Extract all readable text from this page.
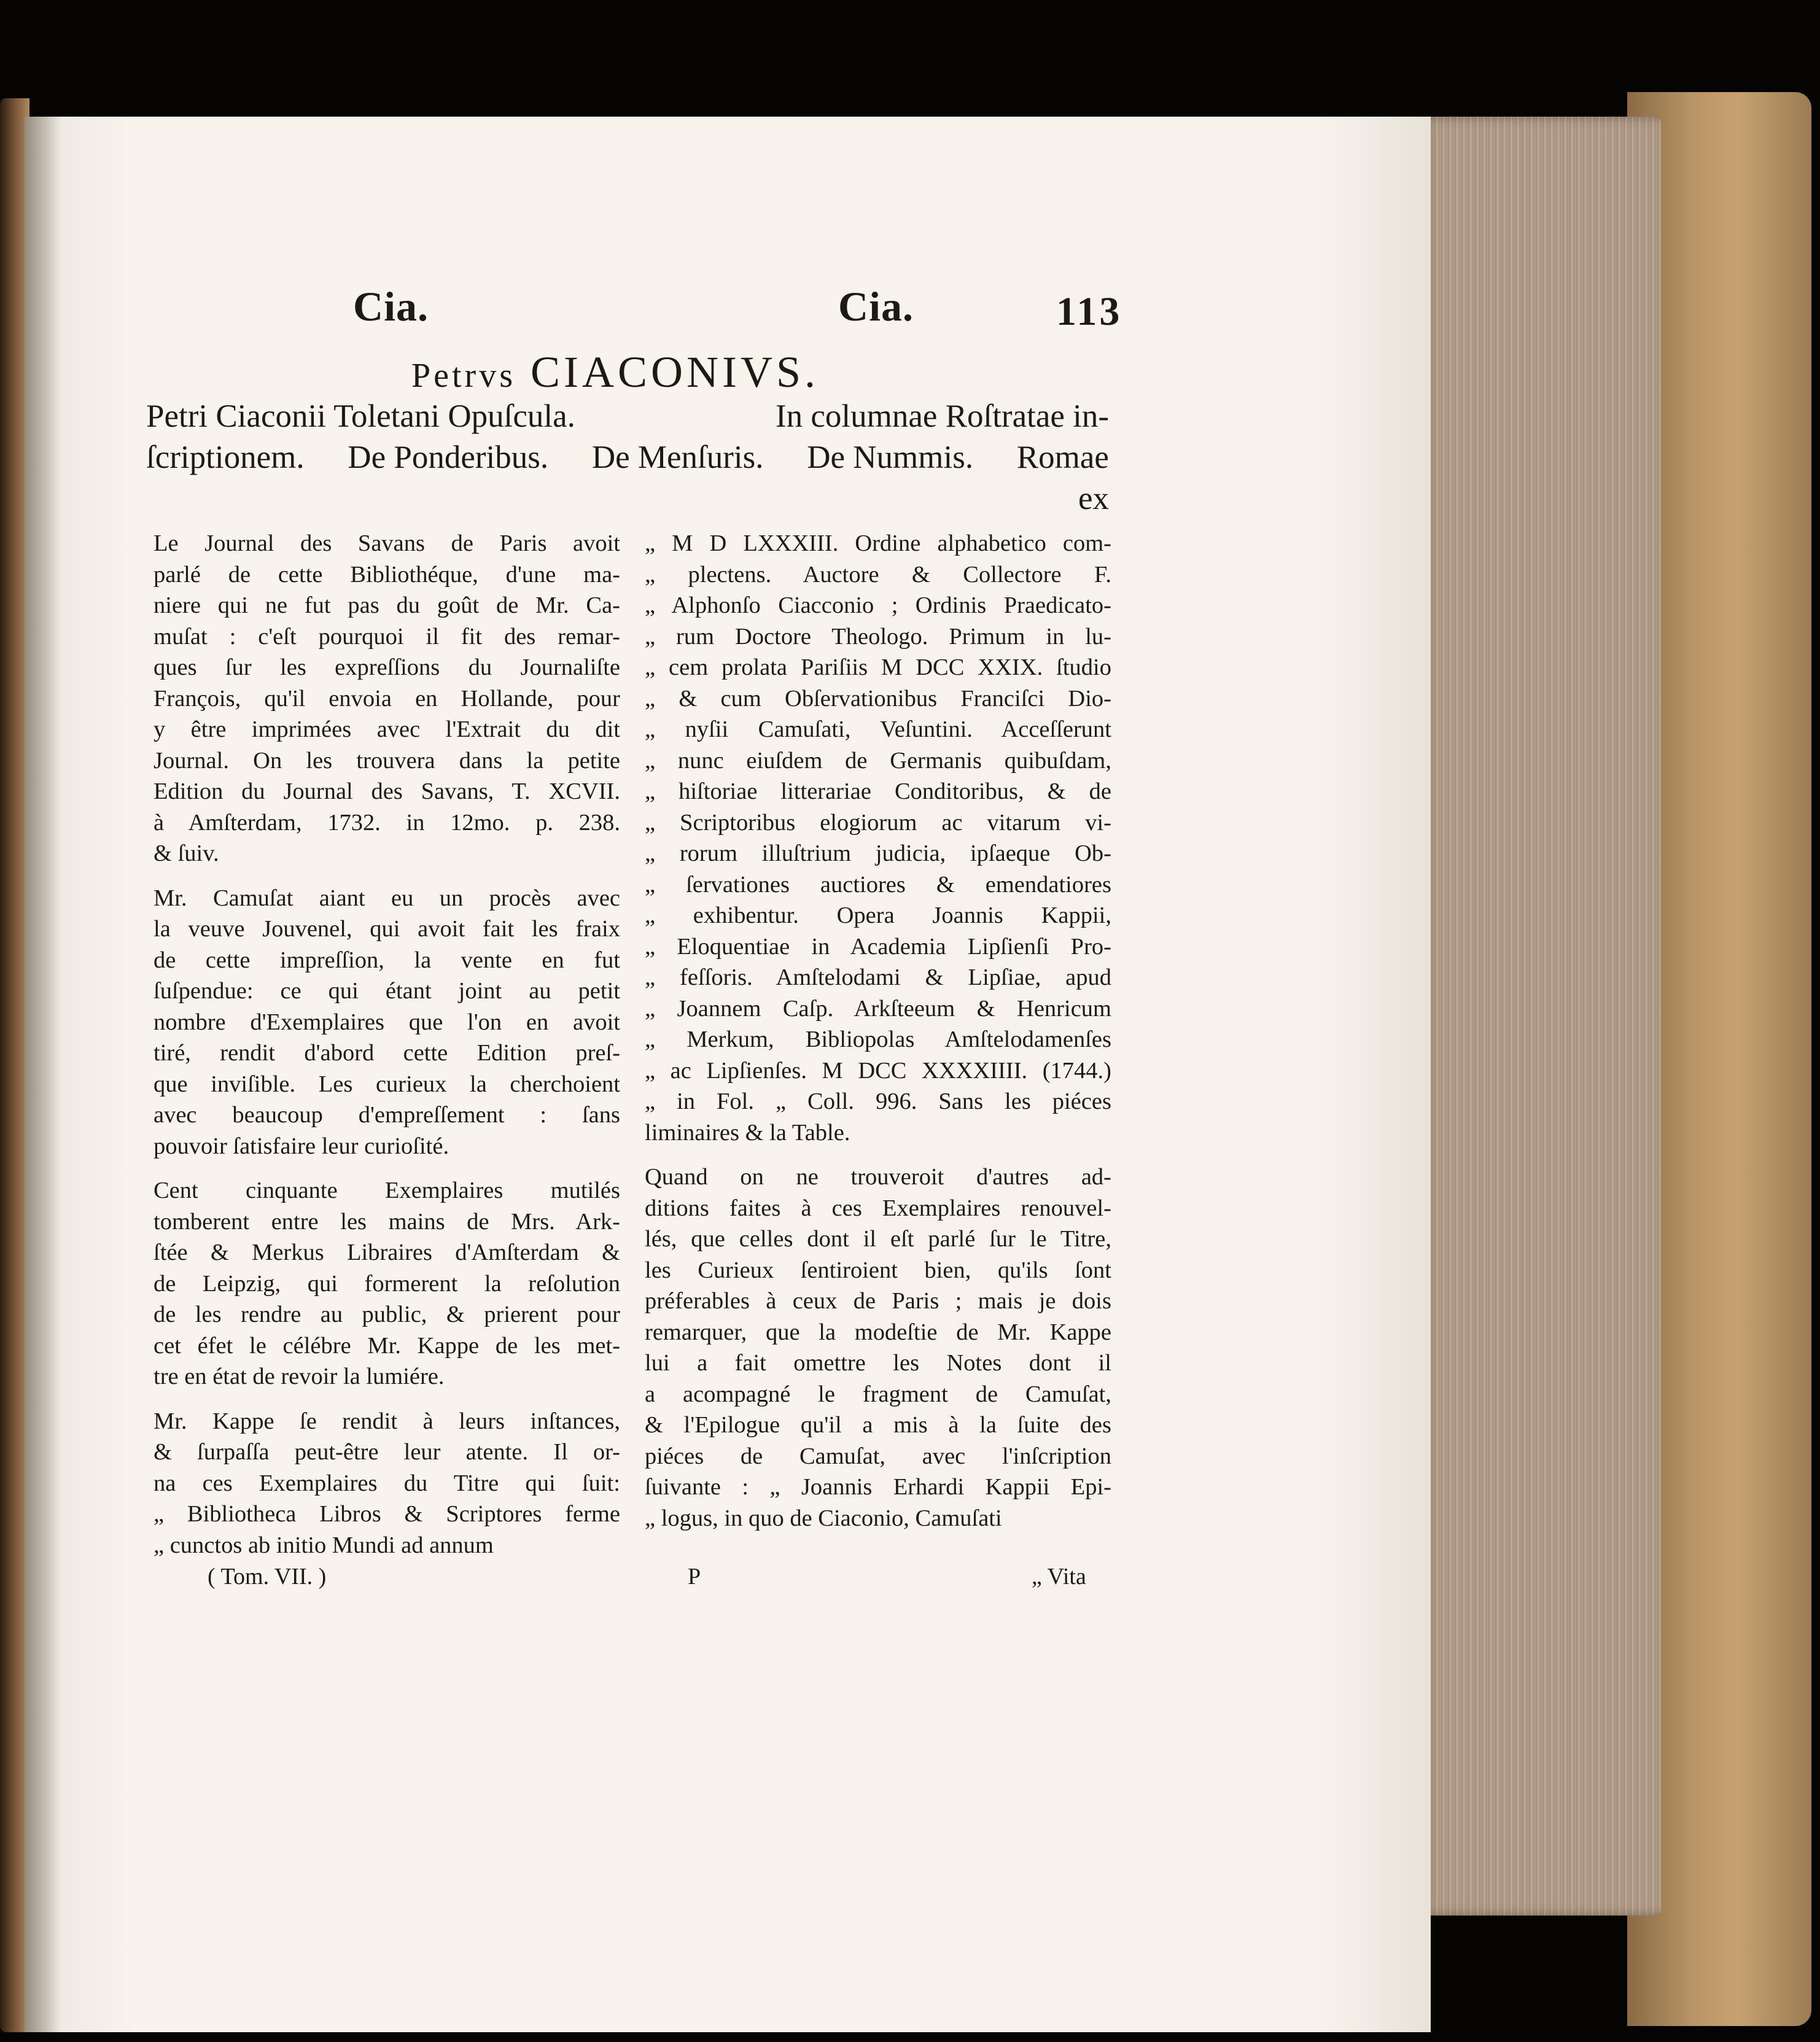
Cia.	Cia.	113
Petrvs CIACONIVS.
Petri Ciaconii Toletani Opuſcula.	In columnae Roſtratae in-
ſcriptionem. De Ponderibus. De Menſuris. De Nummis. Romae
ex
Le Journal des Savans de Paris avoit
parlé de cette Bibliothéque, d'une ma-
niere qui ne fut pas du goût de Mr. Ca-
muſat : c'eſt pourquoi il fit des remar-
ques ſur les expreſſions du Journaliſte
François, qu'il envoia en Hollande, pour
y être imprimées avec l'Extrait du dit
Journal. On les trouvera dans la petite
Edition du Journal des Savans, T. XCVII.
à Amſterdam, 1732. in 12mo. p. 238.
& ſuiv.
Mr. Camuſat aiant eu un procès avec
la veuve Jouvenel, qui avoit fait les fraix
de cette impreſſion, la vente en fut
ſuſpendue: ce qui étant joint au petit
nombre d'Exemplaires que l'on en avoit
tiré, rendit d'abord cette Edition preſ-
que inviſible. Les curieux la cherchoient
avec beaucoup d'empreſſement : ſans
pouvoir ſatisfaire leur curioſité.
Cent cinquante Exemplaires mutilés
tomberent entre les mains de Mrs. Ark-
ſtée & Merkus Libraires d'Amſterdam &
de Leipzig, qui formerent la reſolution
de les rendre au public, & prierent pour
cet éfet le célébre Mr. Kappe de les met-
tre en état de revoir la lumiére.
Mr. Kappe ſe rendit à leurs inſtances,
& ſurpaſſa peut-être leur atente. Il or-
na ces Exemplaires du Titre qui ſuit:
„ Bibliotheca Libros & Scriptores ferme
„ cunctos ab initio Mundi ad annum
„ M D LXXXIII. Ordine alphabetico com-
„ plectens. Auctore & Collectore F.
„ Alphonſo Ciacconio ; Ordinis Praedicato-
„ rum Doctore Theologo. Primum in lu-
„ cem prolata Pariſiis M DCC XXIX. ſtudio
„ & cum Obſervationibus Franciſci Dio-
„ nyſii Camuſati, Veſuntini. Acceſſerunt
„ nunc eiuſdem de Germanis quibuſdam,
„ hiſtoriae litterariae Conditoribus, & de
„ Scriptoribus elogiorum ac vitarum vi-
„ rorum illuſtrium judicia, ipſaeque Ob-
„ ſervationes auctiores & emendatiores
„ exhibentur. Opera Joannis Kappii,
„ Eloquentiae in Academia Lipſienſi Pro-
„ feſſoris. Amſtelodami & Lipſiae, apud
„ Joannem Caſp. Arkſteeum & Henricum
„ Merkum, Bibliopolas Amſtelodamenſes
„ ac Lipſienſes. M DCC XXXXIIII. (1744.)
„ in Fol. „ Coll. 996. Sans les piéces
liminaires & la Table.
Quand on ne trouveroit d'autres ad-
ditions faites à ces Exemplaires renouvel-
lés, que celles dont il eſt parlé ſur le Titre,
les Curieux ſentiroient bien, qu'ils ſont
préferables à ceux de Paris ; mais je dois
remarquer, que la modeſtie de Mr. Kappe
lui a fait omettre les Notes dont il
a acompagné le fragment de Camuſat,
& l'Epilogue qu'il a mis à la ſuite des
piéces de Camuſat, avec l'inſcription
ſuivante : „ Joannis Erhardi Kappii Epi-
„ logus, in quo de Ciaconio, Camuſati
( Tom. VII. )	P	„ Vita
